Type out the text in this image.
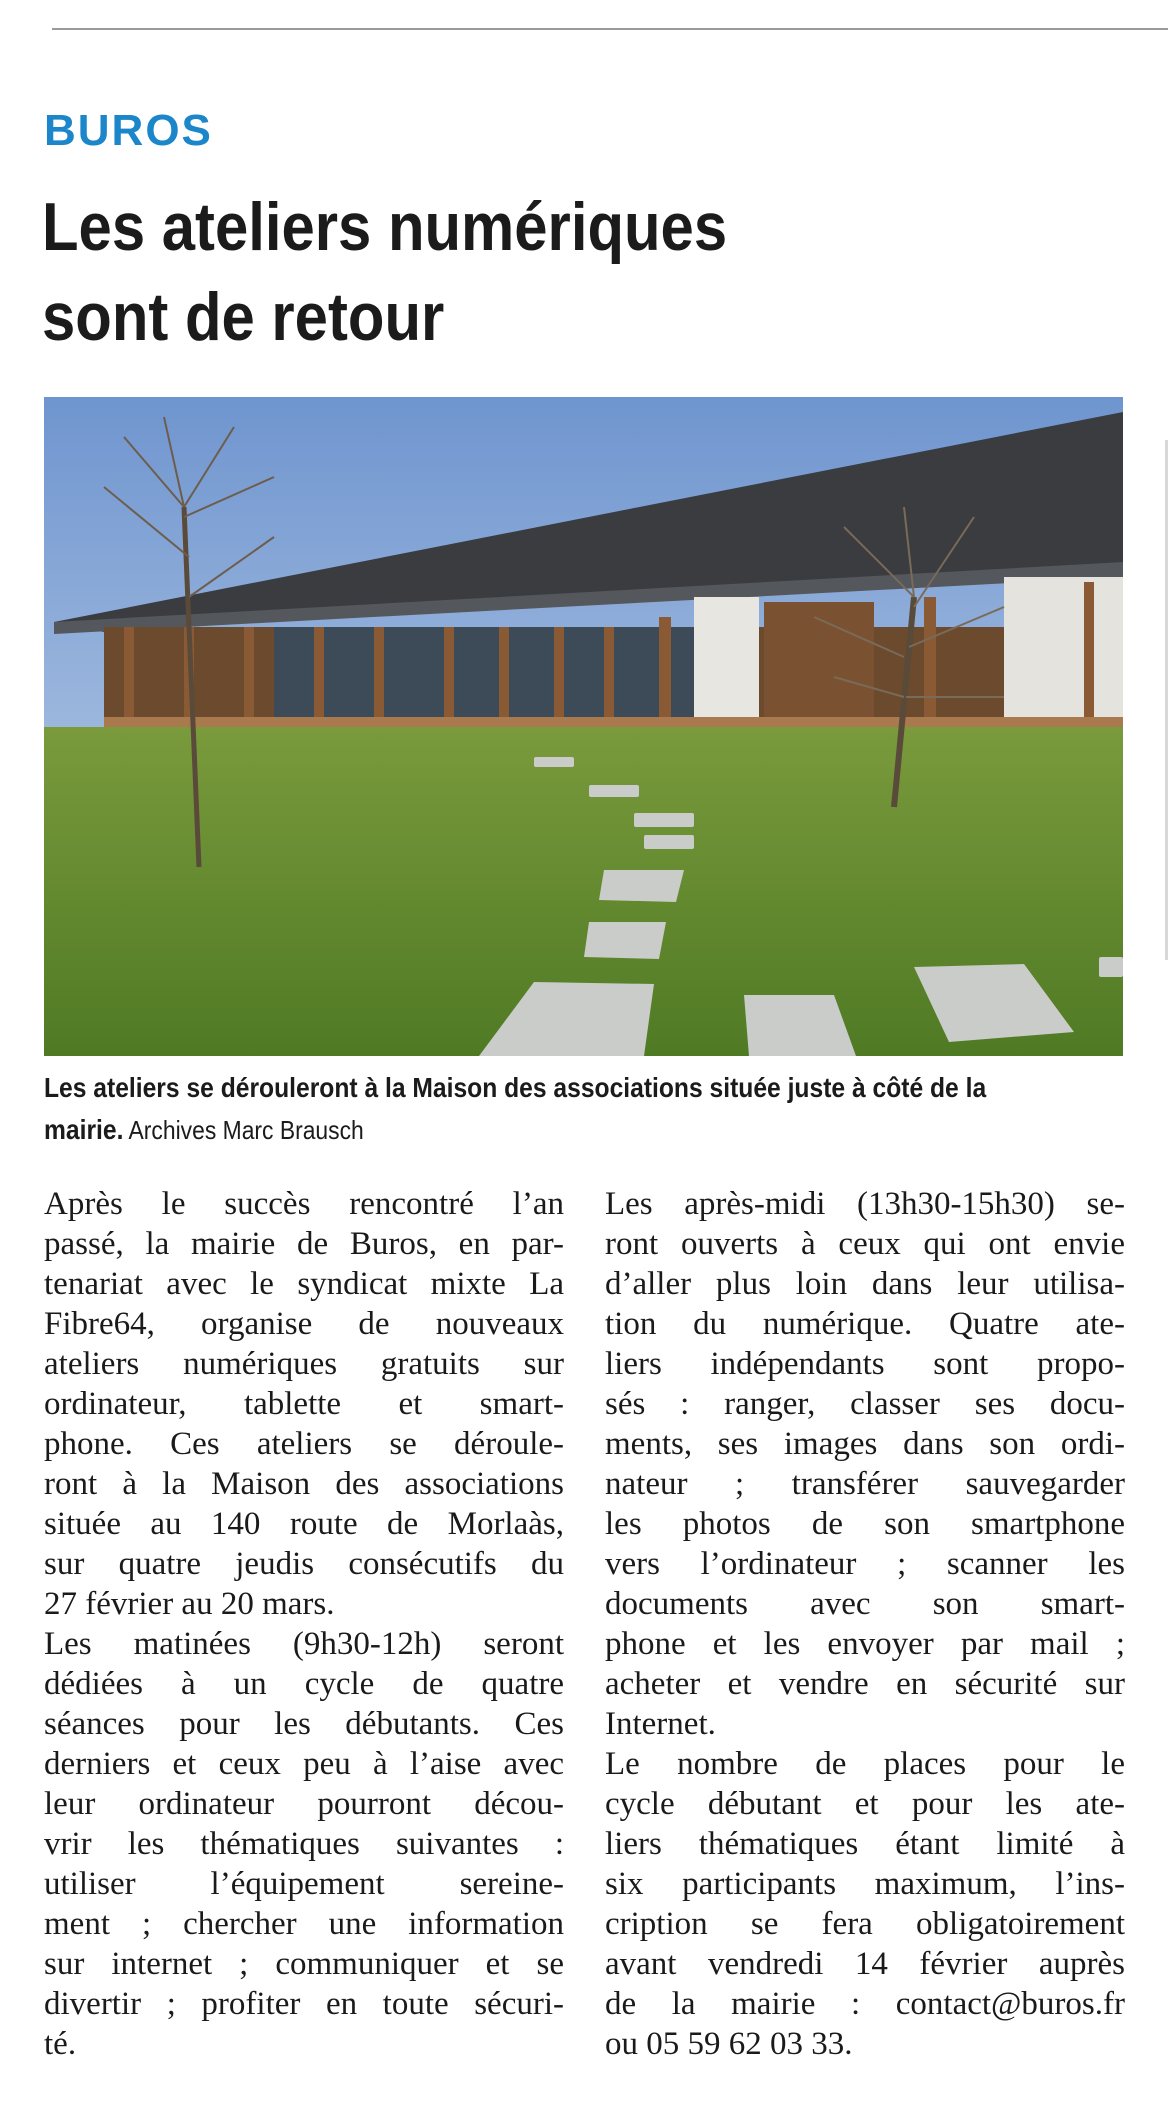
BUROS
Les ateliers numériques
sont de retour
Les ateliers se dérouleront à la Maison des associations située juste à côté de la
mairie. Archives Marc Brausch
Après le succès rencontré l’an
passé, la mairie de Buros, en par-
tenariat avec le syndicat mixte La
Fibre64, organise de nouveaux
ateliers numériques gratuits sur
ordinateur, tablette et smart-
phone. Ces ateliers se déroule-
ront à la Maison des associations
située au 140 route de Morlaàs,
sur quatre jeudis consécutifs du
27 février au 20 mars.
Les matinées (9h30-12h) seront
dédiées à un cycle de quatre
séances pour les débutants. Ces
derniers et ceux peu à l’aise avec
leur ordinateur pourront décou-
vrir les thématiques suivantes :
utiliser l’équipement sereine-
ment ; chercher une information
sur internet ; communiquer et se
divertir ; profiter en toute sécuri-
té.
Les après-midi (13h30-15h30) se-
ront ouverts à ceux qui ont envie
d’aller plus loin dans leur utilisa-
tion du numérique. Quatre ate-
liers indépendants sont propo-
sés : ranger, classer ses docu-
ments, ses images dans son ordi-
nateur ; transférer sauvegarder
les photos de son smartphone
vers l’ordinateur ; scanner les
documents avec son smart-
phone et les envoyer par mail ;
acheter et vendre en sécurité sur
Internet.
Le nombre de places pour le
cycle débutant et pour les ate-
liers thématiques étant limité à
six participants maximum, l’ins-
cription se fera obligatoirement
avant vendredi 14 février auprès
de la mairie : contact@buros.fr
ou 05 59 62 03 33.
